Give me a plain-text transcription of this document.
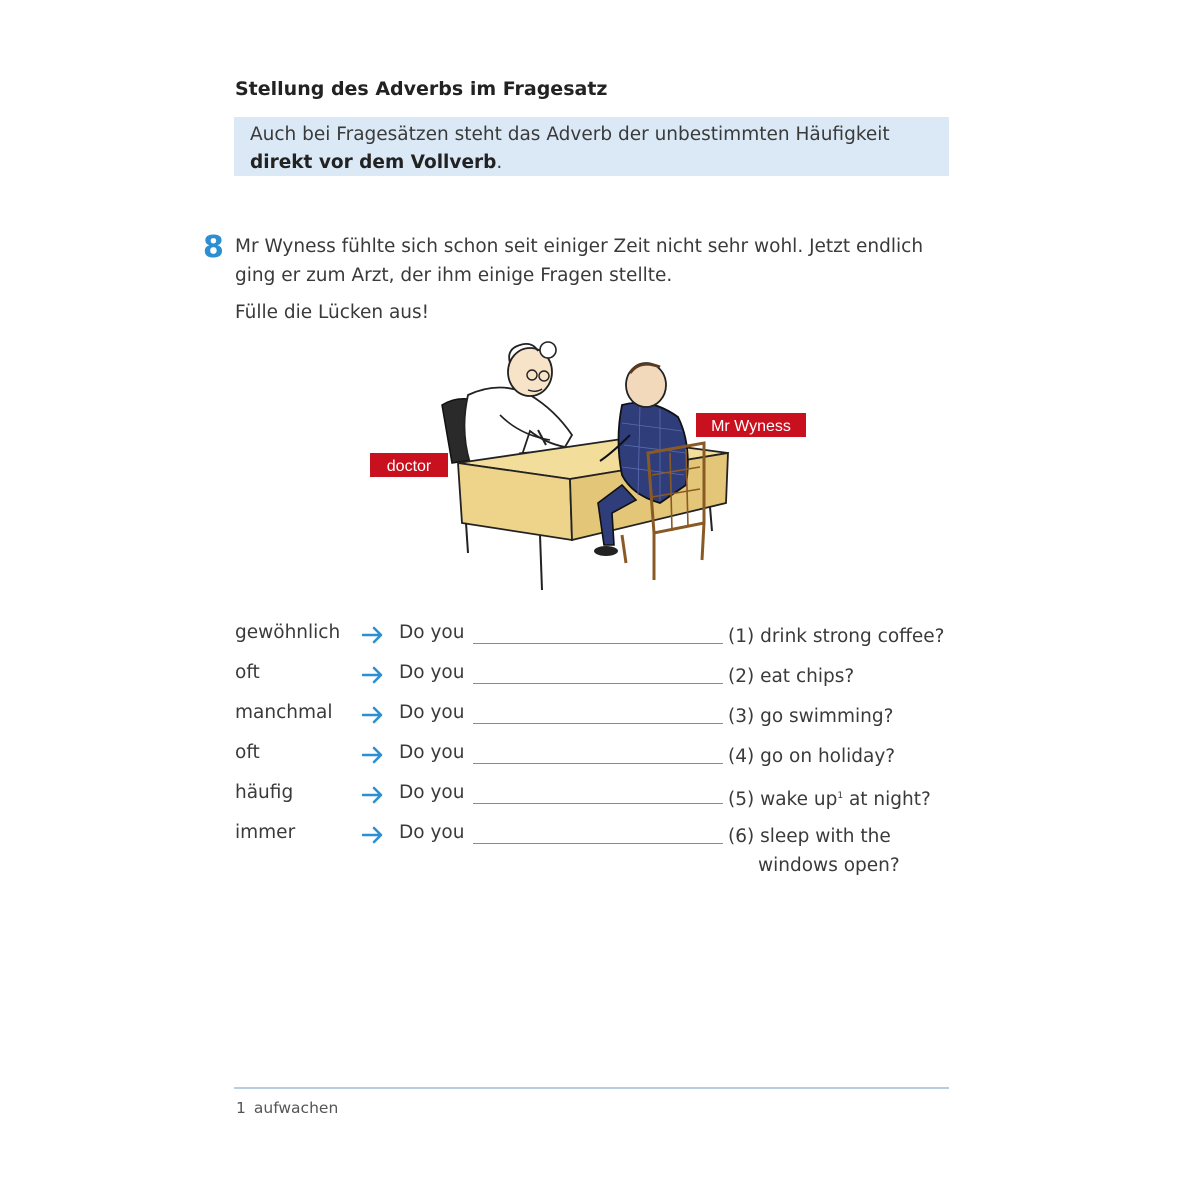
Stellung des Adverbs im Fragesatz
Auch bei Fragesätzen steht das Adverb der unbestimmten Häufigkeit
direkt vor dem Vollverb.
8 Mr Wyness fühlte sich schon seit einiger Zeit nicht sehr wohl. Jetzt endlich ging er zum Arzt, der ihm einige Fragen stellte.
Fülle die Lücken aus!
doctor
Mr Wyness
gewöhnlich	Do you	(1) drink strong coffee?
oft	Do you	(2) eat chips?
manchmal	Do you	(3) go swimming?
oft	Do you	(4) go on holiday?
häufig	Do you	(5) wake $up^1$ at night?
immer	Do you	(6) sleep with the
windows open?
1 aufwachen
